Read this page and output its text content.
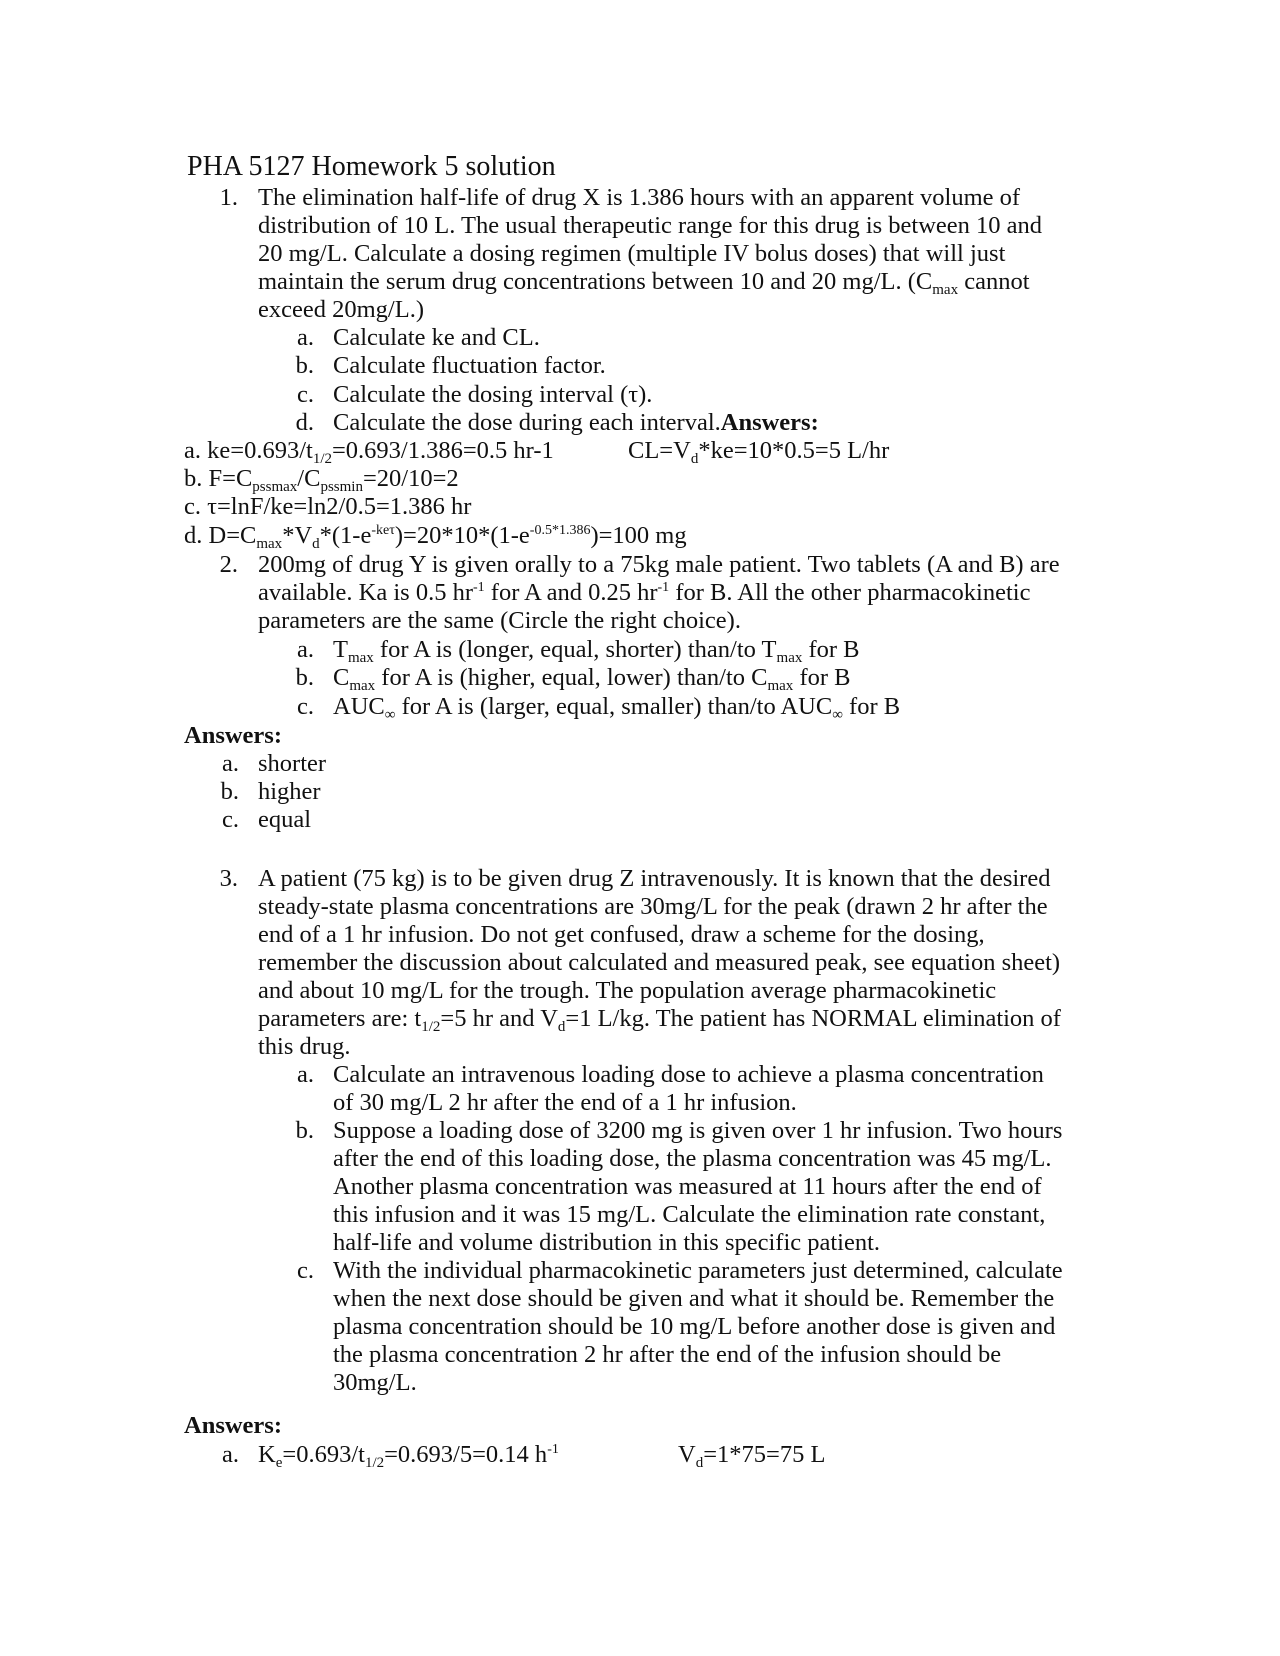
PHA 5127 Homework 5 solution
1. The elimination half-life of drug X is 1.386 hours with an apparent volume of
distribution of 10 L. The usual therapeutic range for this drug is between 10 and
20 mg/L. Calculate a dosing regimen (multiple IV bolus doses) that will just
maintain the serum drug concentrations between 10 and 20 mg/L. ($C_{max}$ cannot
exceed 20mg/L.)
a. Calculate ke and CL.
b. Calculate fluctuation factor.
c. Calculate the dosing interval (τ).
d. Calculate the dose during each interval.Answers:
a. $ke=0.693/t_{1/2}=0.693/1.386=0.5$ hr-1	$CL=V_d*ke=10*0.5=5$ L/hr
b. $F=C_{pssmax}/C_{pssmin}=20/10=2$
c. τ=lnF/ke=ln2/0.5=1.386 hr
d. $D=C_{max}*V_d*(1-e^{-ke\tau})=20*10*(1-e^{-0.5*1.386})=100$ mg
2. 200mg of drug Y is given orally to a 75kg male patient. Two tablets (A and B) are
available. Ka is 0.5 $hr^{-1}$ for A and 0.25 $hr^{-1}$ for B. All the other pharmacokinetic
parameters are the same (Circle the right choice).
a. $T_{max}$ for A is (longer, equal, shorter) than/to $T_{max}$ for B
b. $C_{max}$ for A is (higher, equal, lower) than/to $C_{max}$ for B
c. $AUC_\infty$ for A is (larger, equal, smaller) than/to $AUC_\infty$ for B
Answers:
a. shorter
b. higher
c. equal
3. A patient (75 kg) is to be given drug Z intravenously. It is known that the desired
steady-state plasma concentrations are 30mg/L for the peak (drawn 2 hr after the
end of a 1 hr infusion. Do not get confused, draw a scheme for the dosing,
remember the discussion about calculated and measured peak, see equation sheet)
and about 10 mg/L for the trough. The population average pharmacokinetic
parameters are: $t_{1/2}=5$ hr and $V_d=1$ L/kg. The patient has NORMAL elimination of
this drug.
a. Calculate an intravenous loading dose to achieve a plasma concentration
of 30 mg/L 2 hr after the end of a 1 hr infusion.
b. Suppose a loading dose of 3200 mg is given over 1 hr infusion. Two hours
after the end of this loading dose, the plasma concentration was 45 mg/L.
Another plasma concentration was measured at 11 hours after the end of
this infusion and it was 15 mg/L. Calculate the elimination rate constant,
half-life and volume distribution in this specific patient.
c. With the individual pharmacokinetic parameters just determined, calculate
when the next dose should be given and what it should be. Remember the
plasma concentration should be 10 mg/L before another dose is given and
the plasma concentration 2 hr after the end of the infusion should be
30mg/L.
Answers:
a. $K_e=0.693/t_{1/2}=0.693/5=0.14$ $h^{-1}$	$V_d=1*75=75$ L
